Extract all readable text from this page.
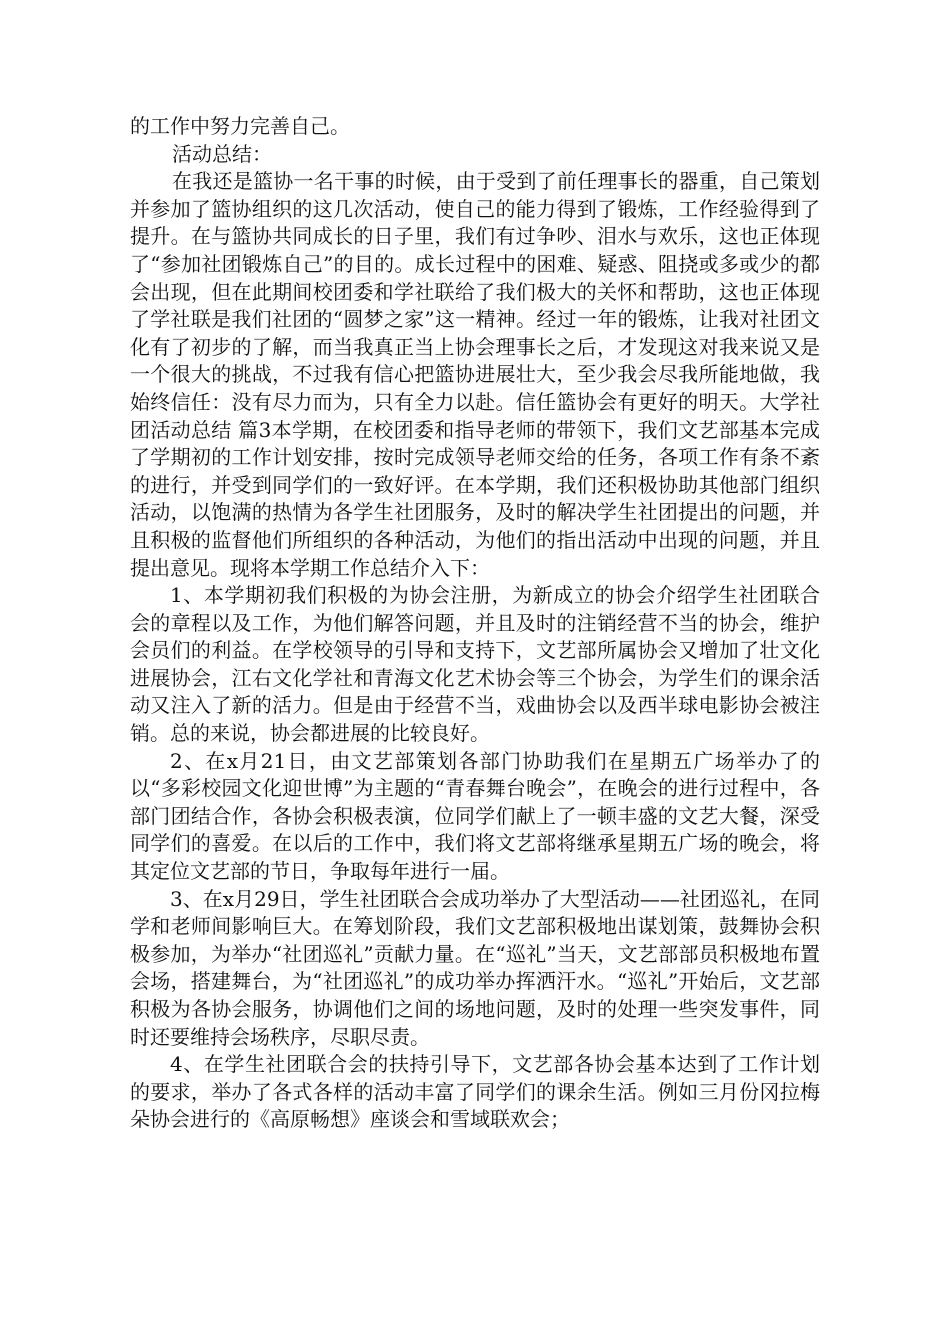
的工作中努力完善自己。

活动总结：

在我还是篮协一名干事的时候，由于受到了前任理事长的器重，自己策划并参加了篮协组织的这几次活动，使自己的能力得到了锻炼，工作经验得到了提升。在与篮协共同成长的日子里，我们有过争吵、泪水与欢乐，这也正体现了“参加社团锻炼自己”的目的。成长过程中的困难、疑惑、阻挠或多或少的都会出现，但在此期间校团委和学社联给了我们极大的关怀和帮助，这也正体现了学社联是我们社团的“圆梦之家”这一精神。经过一年的锻炼，让我对社团文化有了初步的了解，而当我真正当上协会理事长之后，才发现这对我来说又是一个很大的挑战，不过我有信心把篮协进展壮大，至少我会尽我所能地做，我始终信任：没有尽力而为，只有全力以赴。信任篮协会有更好的明天。大学社团活动总结 篇3本学期，在校团委和指导老师的带领下，我们文艺部基本完成了学期初的工作计划安排，按时完成领导老师交给的任务，各项工作有条不紊的进行，并受到同学们的一致好评。在本学期，我们还积极协助其他部门组织活动，以饱满的热情为各学生社团服务，及时的解决学生社团提出的问题，并且积极的监督他们所组织的各种活动，为他们的指出活动中出现的问题，并且提出意见。现将本学期工作总结介入下：

1、本学期初我们积极的为协会注册，为新成立的协会介绍学生社团联合会的章程以及工作，为他们解答问题，并且及时的注销经营不当的协会，维护会员们的利益。在学校领导的引导和支持下，文艺部所属协会又增加了壮文化进展协会，江右文化学社和青海文化艺术协会等三个协会，为学生们的课余活动又注入了新的活力。但是由于经营不当，戏曲协会以及西半球电影协会被注销。总的来说，协会都进展的比较良好。

2、在x月21日，由文艺部策划各部门协助我们在星期五广场举办了的以“多彩校园文化迎世博”为主题的“青春舞台晚会”，在晚会的进行过程中，各部门团结合作，各协会积极表演，位同学们献上了一顿丰盛的文艺大餐，深受同学们的喜爱。在以后的工作中，我们将文艺部将继承星期五广场的晚会，将其定位文艺部的节日，争取每年进行一届。

3、在x月29日，学生社团联合会成功举办了大型活动——社团巡礼，在同学和老师间影响巨大。在筹划阶段，我们文艺部积极地出谋划策，鼓舞协会积极参加，为举办“社团巡礼”贡献力量。在“巡礼”当天，文艺部部员积极地布置会场，搭建舞台，为“社团巡礼”的成功举办挥洒汗水。“巡礼”开始后，文艺部积极为各协会服务，协调他们之间的场地问题，及时的处理一些突发事件，同时还要维持会场秩序，尽职尽责。

4、在学生社团联合会的扶持引导下，文艺部各协会基本达到了工作计划的要求，举办了各式各样的活动丰富了同学们的课余生活。例如三月份冈拉梅朵协会进行的《高原畅想》座谈会和雪域联欢会；
